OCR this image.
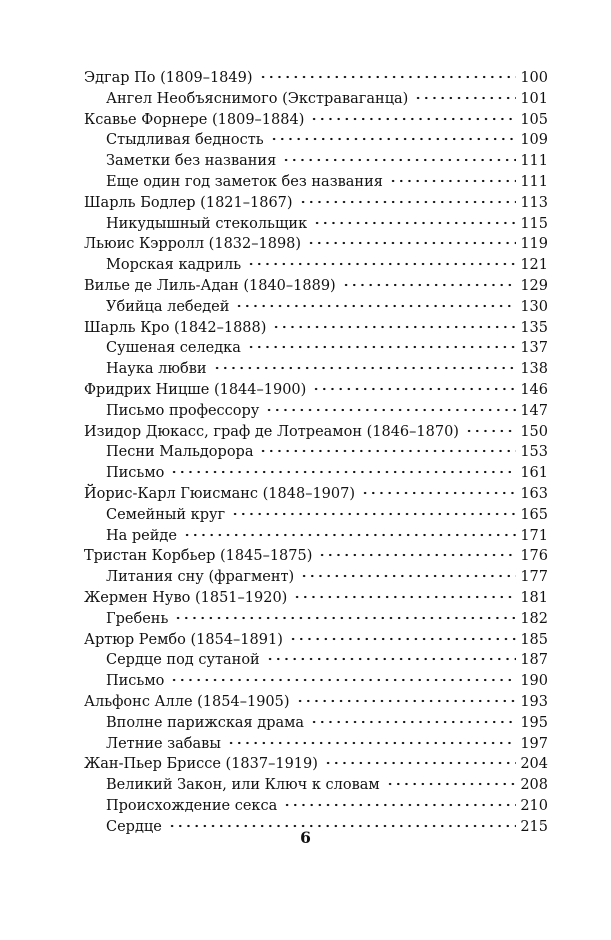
Эдгар По (1809–1849)	100
Ангел Необъяснимого (Экстраваганца)	101
Ксавье Форнере (1809–1884)	105
Стыдливая бедность	109
Заметки без названия	111
Еще один год заметок без названия	111
Шарль Бодлер (1821–1867)	113
Никудышный стекольщик	115
Льюис Кэрролл (1832–1898)	119
Морская кадриль	121
Вилье де Лиль-Адан (1840–1889)	129
Убийца лебедей	130
Шарль Кро (1842–1888)	135
Сушеная селедка	137
Наука любви	138
Фридрих Ницше (1844–1900)	146
Письмо профессору	147
Изидор Дюкасс, граф де Лотреамон (1846–1870)	150
Песни Мальдорора	153
Письмо	161
Йорис-Карл Гюисманс (1848–1907)	163
Семейный круг	165
На рейде	171
Тристан Корбьер (1845–1875)	176
Литания сну (фрагмент)	177
Жермен Нуво (1851–1920)	181
Гребень	182
Артюр Рембо (1854–1891)	185
Сердце под сутаной	187
Письмо	190
Альфонс Алле (1854–1905)	193
Вполне парижская драма	195
Летние забавы	197
Жан-Пьер Бриссе (1837–1919)	204
Великий Закон, или Ключ к словам	208
Происхождение секса	210
Сердце	215
6
